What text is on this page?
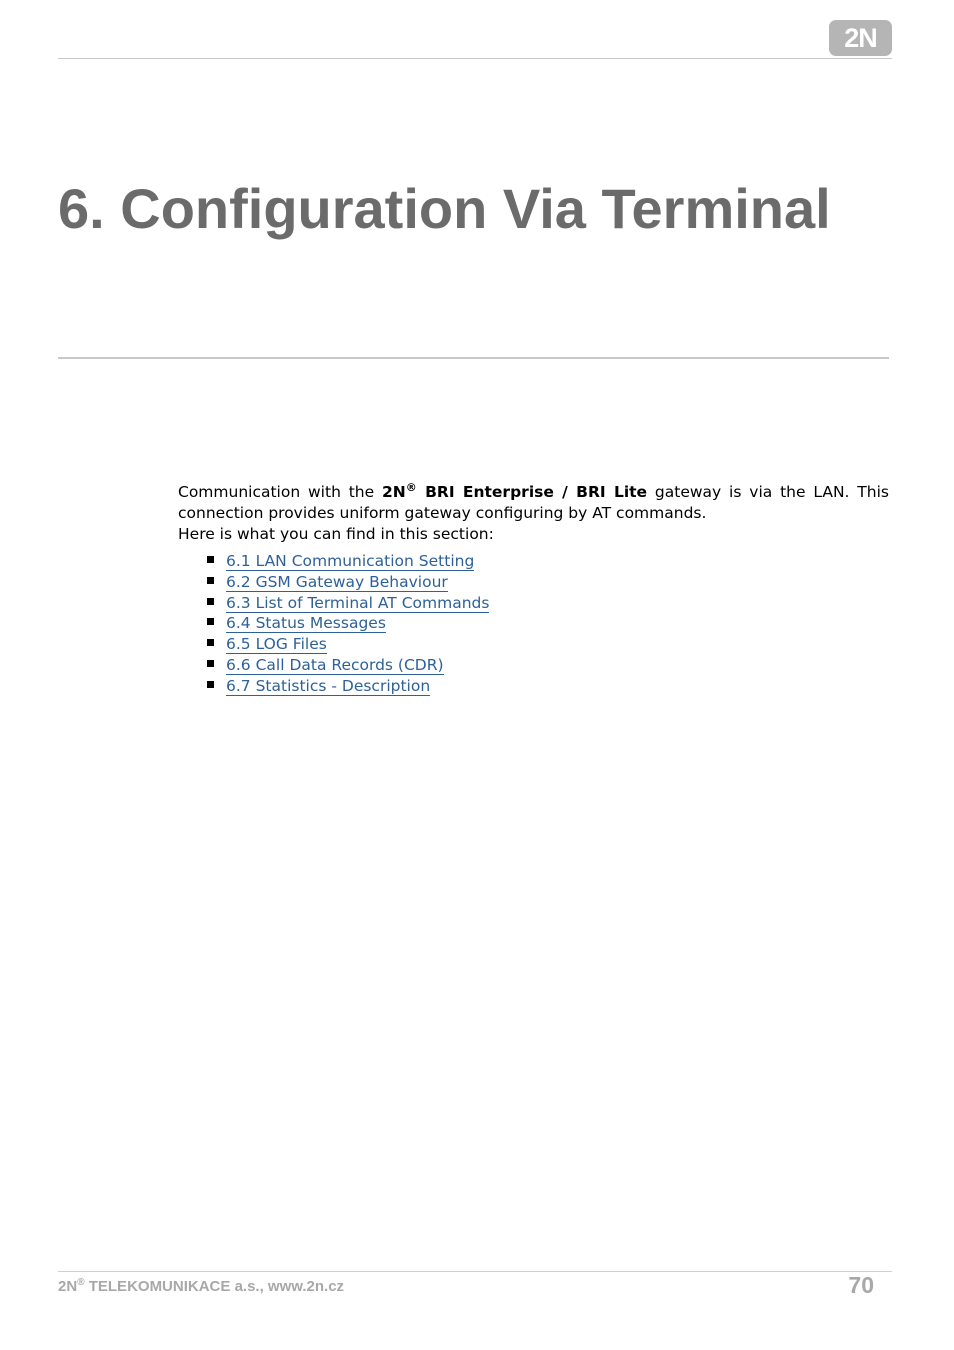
2N
6. Configuration Via Terminal

Communication with the 2N® BRI Enterprise / BRI Lite gateway is via the LAN. This connection provides uniform gateway configuring by AT commands.

Here is what you can find in this section:

6.1 LAN Communication Setting
6.2 GSM Gateway Behaviour
6.3 List of Terminal AT Commands
6.4 Status Messages
6.5 LOG Files
6.6 Call Data Records (CDR)
6.7 Statistics - Description
2N® TELEKOMUNIKACE a.s., www.2n.cz	70
